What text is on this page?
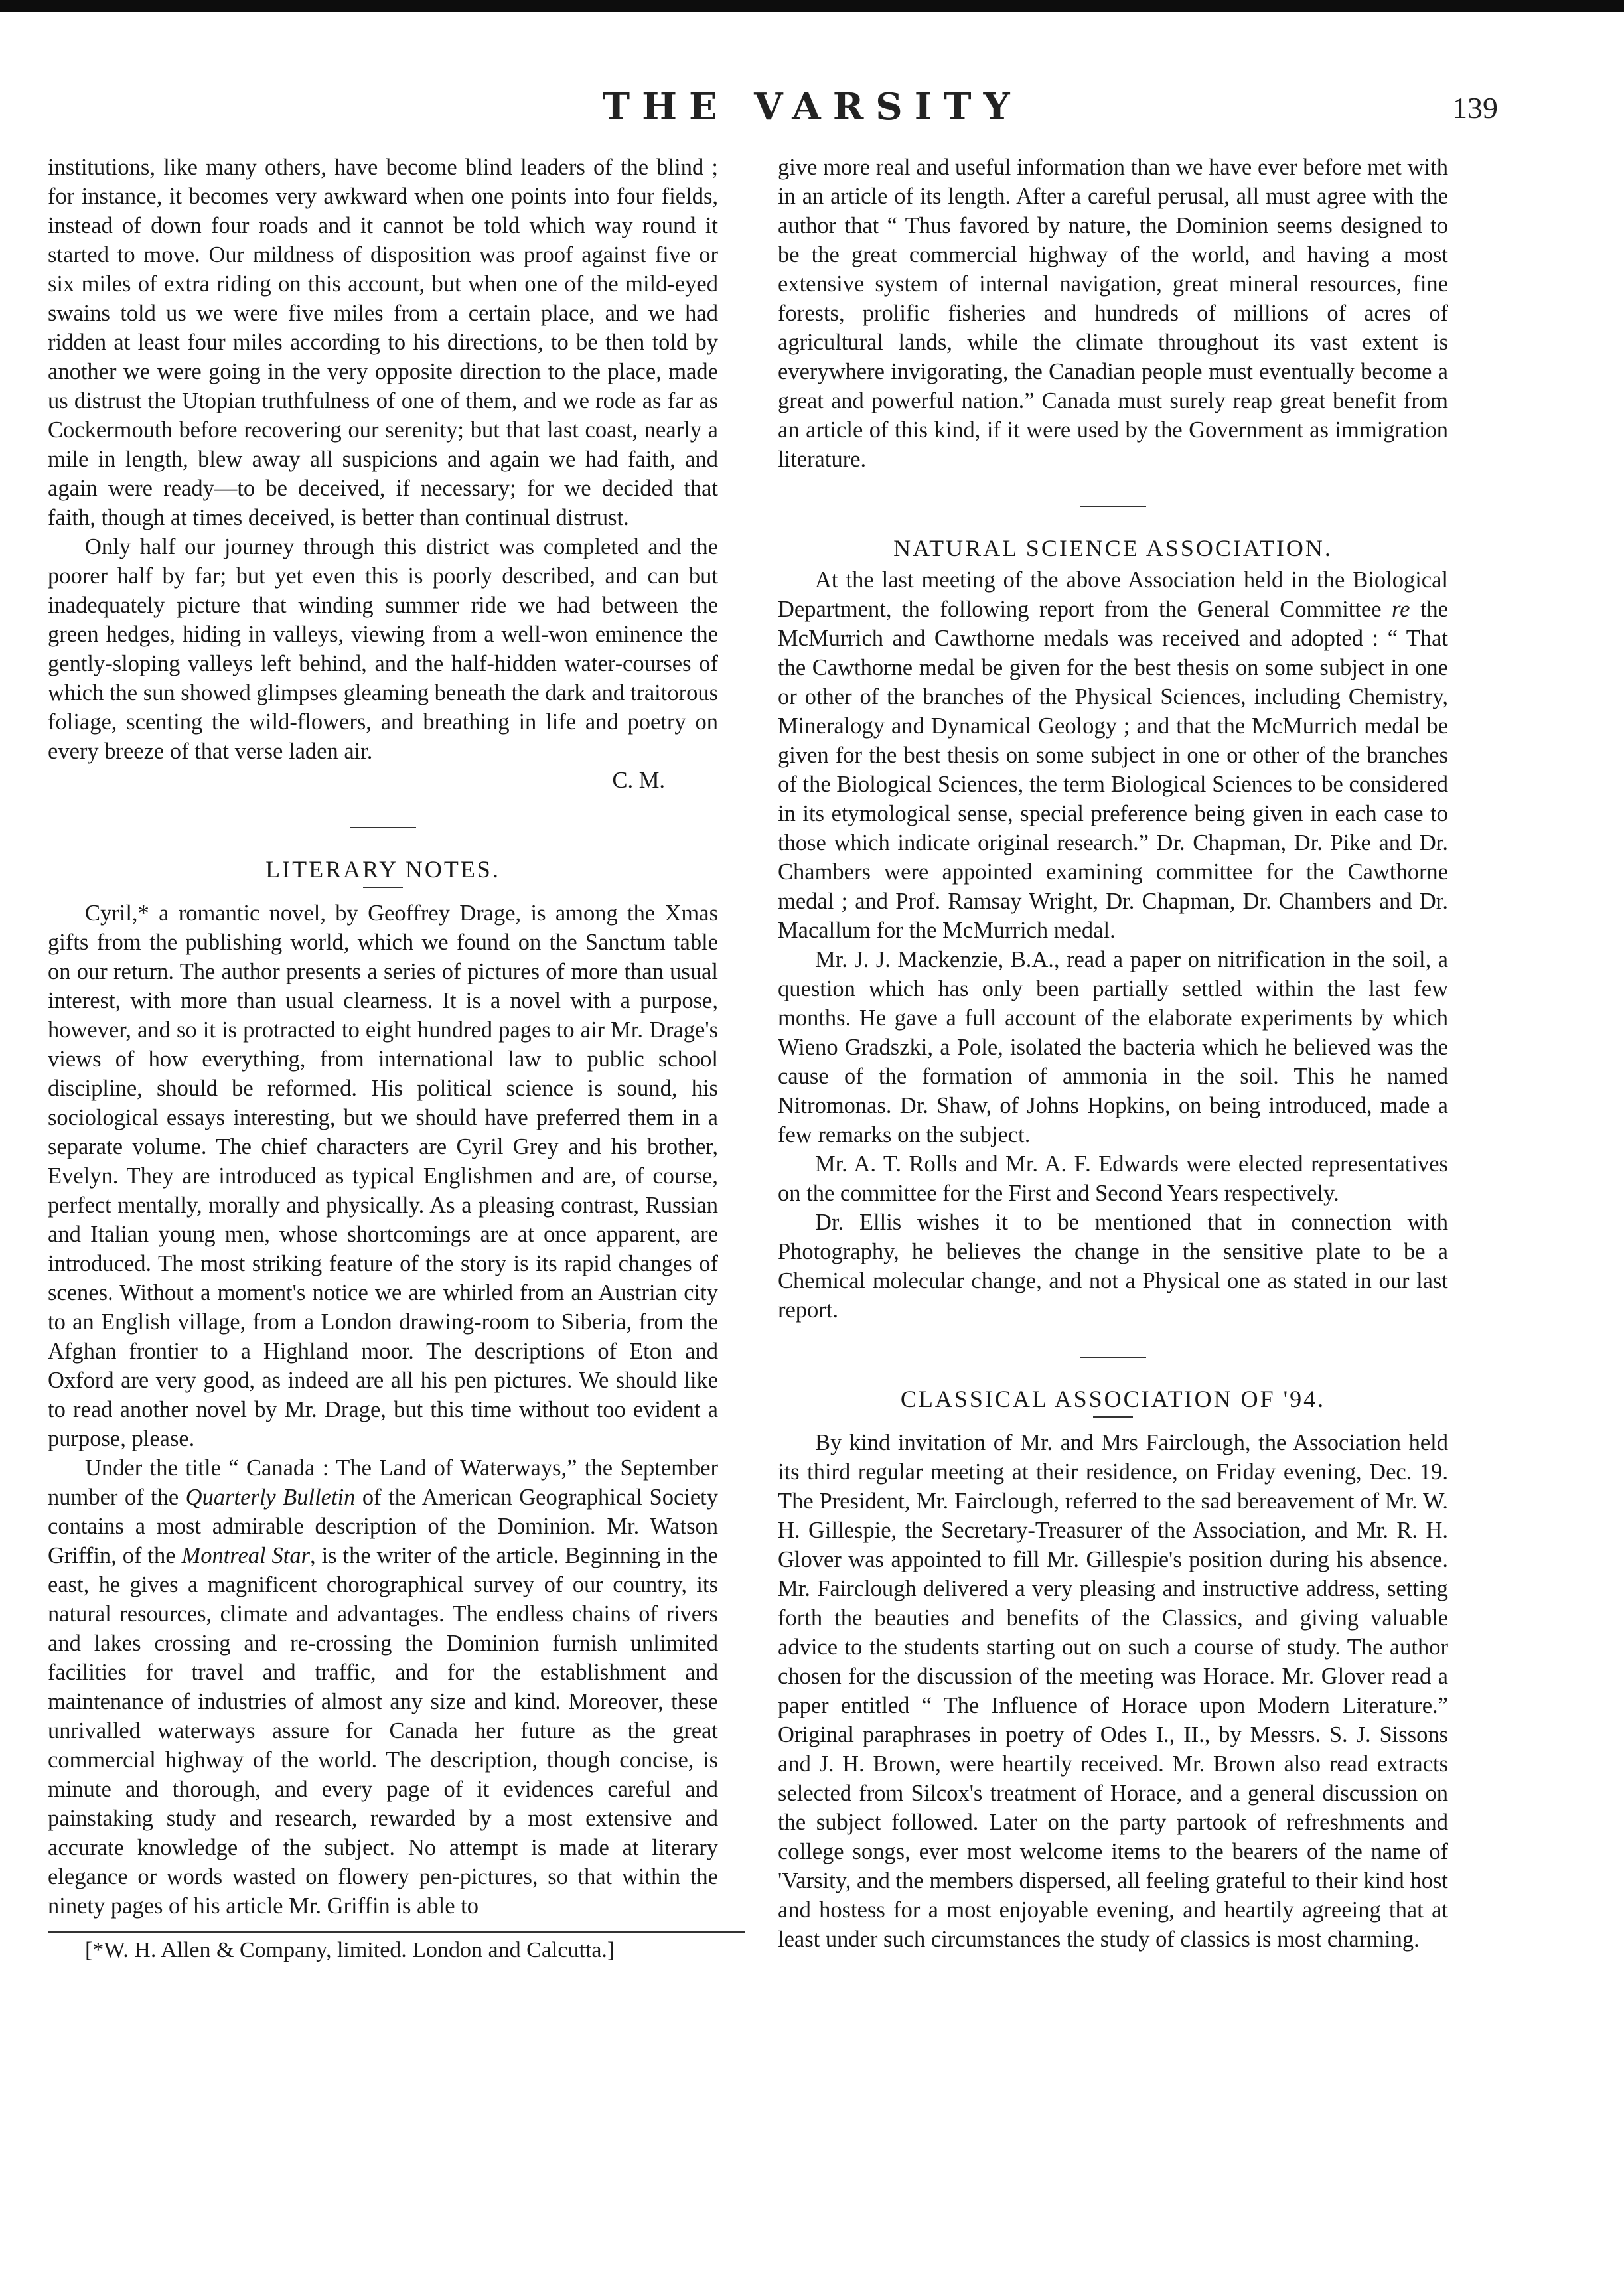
THE VARSITY	139

institutions, like many others, have become blind leaders of the blind ; for instance, it becomes very awkward when one points into four fields, instead of down four roads and it cannot be told which way round it started to move. Our mildness of disposition was proof against five or six miles of extra riding on this account, but when one of the mild-eyed swains told us we were five miles from a certain place, and we had ridden at least four miles according to his directions, to be then told by another we were going in the very opposite direction to the place, made us distrust the Utopian truthfulness of one of them, and we rode as far as Cockermouth before recovering our serenity; but that last coast, nearly a mile in length, blew away all suspicions and again we had faith, and again were ready—to be deceived, if necessary; for we decided that faith, though at times deceived, is better than continual distrust.

Only half our journey through this district was completed and the poorer half by far; but yet even this is poorly described, and can but inadequately picture that winding summer ride we had between the green hedges, hiding in valleys, viewing from a well-won eminence the gently-sloping valleys left behind, and the half-hidden water-courses of which the sun showed glimpses gleaming beneath the dark and traitorous foliage, scenting the wild-flowers, and breathing in life and poetry on every breeze of that verse laden air.
C. M.

LITERARY NOTES.

Cyril,* a romantic novel, by Geoffrey Drage, is among the Xmas gifts from the publishing world, which we found on the Sanctum table on our return. The author presents a series of pictures of more than usual interest, with more than usual clearness. It is a novel with a purpose, however, and so it is protracted to eight hundred pages to air Mr. Drage's views of how everything, from international law to public school discipline, should be reformed. His political science is sound, his sociological essays interesting, but we should have preferred them in a separate volume. The chief characters are Cyril Grey and his brother, Evelyn. They are introduced as typical Englishmen and are, of course, perfect mentally, morally and physically. As a pleasing contrast, Russian and Italian young men, whose shortcomings are at once apparent, are introduced. The most striking feature of the story is its rapid changes of scenes. Without a moment's notice we are whirled from an Austrian city to an English village, from a London drawing-room to Siberia, from the Afghan frontier to a Highland moor. The descriptions of Eton and Oxford are very good, as indeed are all his pen pictures. We should like to read another novel by Mr. Drage, but this time without too evident a purpose, please.

Under the title “ Canada : The Land of Waterways,” the September number of the Quarterly Bulletin of the American Geographical Society contains a most admirable description of the Dominion. Mr. Watson Griffin, of the Montreal Star, is the writer of the article. Beginning in the east, he gives a magnificent chorographical survey of our country, its natural resources, climate and advantages. The endless chains of rivers and lakes crossing and re-crossing the Dominion furnish unlimited facilities for travel and traffic, and for the establishment and maintenance of industries of almost any size and kind. Moreover, these unrivalled waterways assure for Canada her future as the great commercial highway of the world. The description, though concise, is minute and thorough, and every page of it evidences careful and painstaking study and research, rewarded by a most extensive and accurate knowledge of the subject. No attempt is made at literary elegance or words wasted on flowery pen-pictures, so that within the ninety pages of his article Mr. Griffin is able to

[*W. H. Allen & Company, limited. London and Calcutta.]

give more real and useful information than we have ever before met with in an article of its length. After a careful perusal, all must agree with the author that “ Thus favored by nature, the Dominion seems designed to be the great commercial highway of the world, and having a most extensive system of internal navigation, great mineral resources, fine forests, prolific fisheries and hundreds of millions of acres of agricultural lands, while the climate throughout its vast extent is everywhere invigorating, the Canadian people must eventually become a great and powerful nation.” Canada must surely reap great benefit from an article of this kind, if it were used by the Government as immigration literature.

NATURAL SCIENCE ASSOCIATION.

At the last meeting of the above Association held in the Biological Department, the following report from the General Committee re the McMurrich and Cawthorne medals was received and adopted : “ That the Cawthorne medal be given for the best thesis on some subject in one or other of the branches of the Physical Sciences, including Chemistry, Mineralogy and Dynamical Geology ; and that the McMurrich medal be given for the best thesis on some subject in one or other of the branches of the Biological Sciences, the term Biological Sciences to be considered in its etymological sense, special preference being given in each case to those which indicate original research.” Dr. Chapman, Dr. Pike and Dr. Chambers were appointed examining committee for the Cawthorne medal ; and Prof. Ramsay Wright, Dr. Chapman, Dr. Chambers and Dr. Macallum for the McMurrich medal.

Mr. J. J. Mackenzie, B.A., read a paper on nitrification in the soil, a question which has only been partially settled within the last few months. He gave a full account of the elaborate experiments by which Wieno Gradszki, a Pole, isolated the bacteria which he believed was the cause of the formation of ammonia in the soil. This he named Nitromonas. Dr. Shaw, of Johns Hopkins, on being introduced, made a few remarks on the subject.

Mr. A. T. Rolls and Mr. A. F. Edwards were elected representatives on the committee for the First and Second Years respectively.

Dr. Ellis wishes it to be mentioned that in connection with Photography, he believes the change in the sensitive plate to be a Chemical molecular change, and not a Physical one as stated in our last report.

CLASSICAL ASSOCIATION OF '94.

By kind invitation of Mr. and Mrs Fairclough, the Association held its third regular meeting at their residence, on Friday evening, Dec. 19. The President, Mr. Fairclough, referred to the sad bereavement of Mr. W. H. Gillespie, the Secretary-Treasurer of the Association, and Mr. R. H. Glover was appointed to fill Mr. Gillespie's position during his absence. Mr. Fairclough delivered a very pleasing and instructive address, setting forth the beauties and benefits of the Classics, and giving valuable advice to the students starting out on such a course of study. The author chosen for the discussion of the meeting was Horace. Mr. Glover read a paper entitled “ The Influence of Horace upon Modern Literature.” Original paraphrases in poetry of Odes I., II., by Messrs. S. J. Sissons and J. H. Brown, were heartily received. Mr. Brown also read extracts selected from Silcox's treatment of Horace, and a general discussion on the subject followed. Later on the party partook of refreshments and college songs, ever most welcome items to the bearers of the name of 'Varsity, and the members dispersed, all feeling grateful to their kind host and hostess for a most enjoyable evening, and heartily agreeing that at least under such circumstances the study of classics is most charming.
